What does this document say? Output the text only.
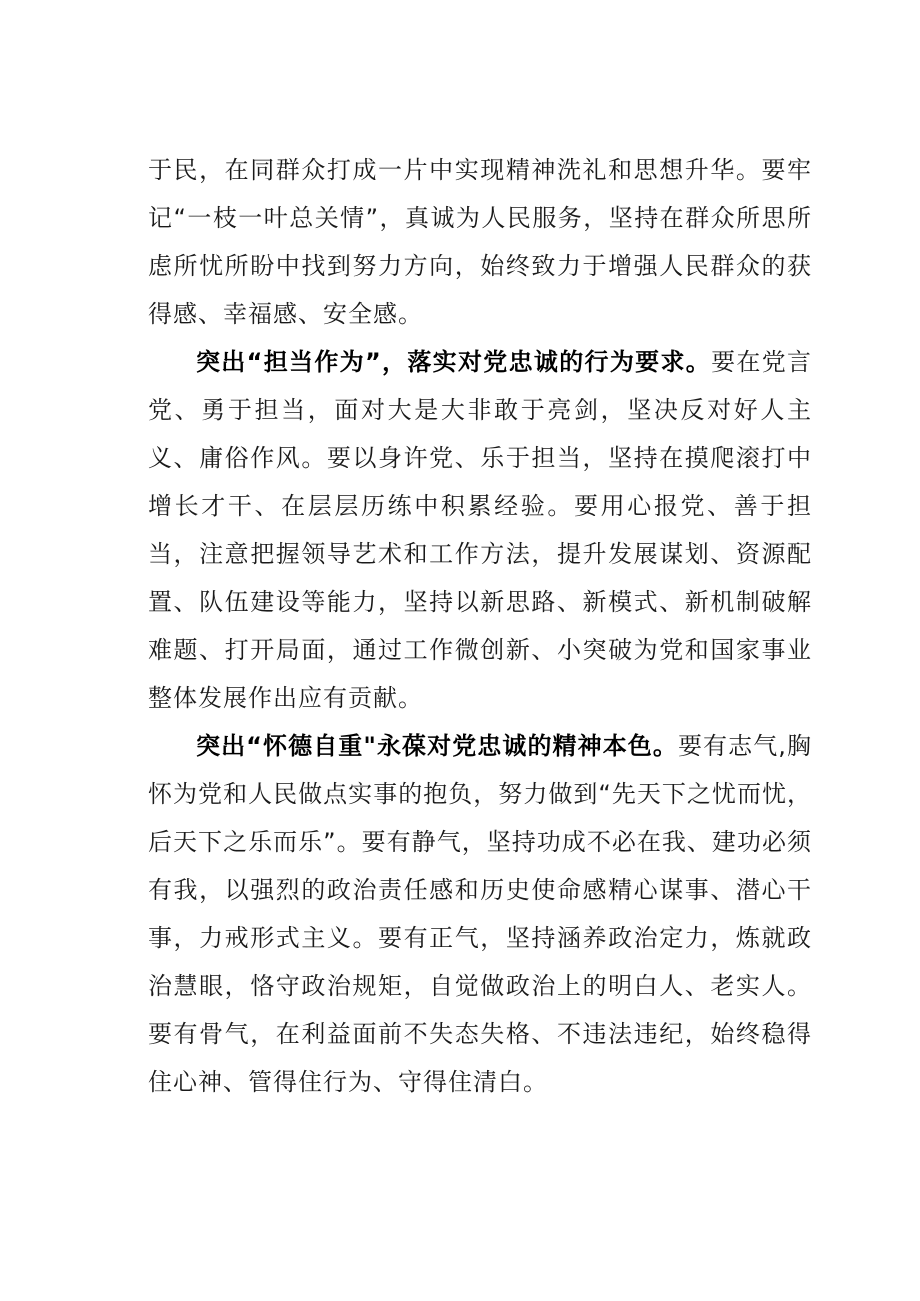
于民，在同群众打成一片中实现精神洗礼和思想升华。要牢记“一枝一叶总关情”，真诚为人民服务，坚持在群众所思所虑所忧所盼中找到努力方向，始终致力于增强人民群众的获得感、幸福感、安全感。

突出“担当作为”，落实对党忠诚的行为要求。要在党言党、勇于担当，面对大是大非敢于亮剑，坚决反对好人主义、庸俗作风。要以身许党、乐于担当，坚持在摸爬滚打中增长才干、在层层历练中积累经验。要用心报党、善于担当，注意把握领导艺术和工作方法，提升发展谋划、资源配置、队伍建设等能力，坚持以新思路、新模式、新机制破解难题、打开局面，通过工作微创新、小突破为党和国家事业整体发展作出应有贡献。

突出“怀德自重"永葆对党忠诚的精神本色。要有志气,胸怀为党和人民做点实事的抱负，努力做到“先天下之忧而忧，后天下之乐而乐”。要有静气，坚持功成不必在我、建功必须有我，以强烈的政治责任感和历史使命感精心谋事、潜心干事，力戒形式主义。要有正气，坚持涵养政治定力，炼就政治慧眼，恪守政治规矩，自觉做政治上的明白人、老实人。要有骨气，在利益面前不失态失格、不违法违纪，始终稳得住心神、管得住行为、守得住清白。
